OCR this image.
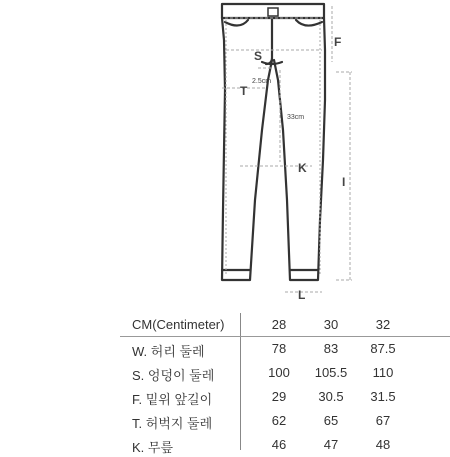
S
2.5cm
T
33cm
K
L
F
I
CM(Centimeter)	28	30	32
W. 허리 둘레	78	83	87.5
S. 엉덩이 둘레	100	105.5	110
F. 밑위 앞길이	29	30.5	31.5
T. 허벅지 둘레	62	65	67
K. 무릎	46	47	48
